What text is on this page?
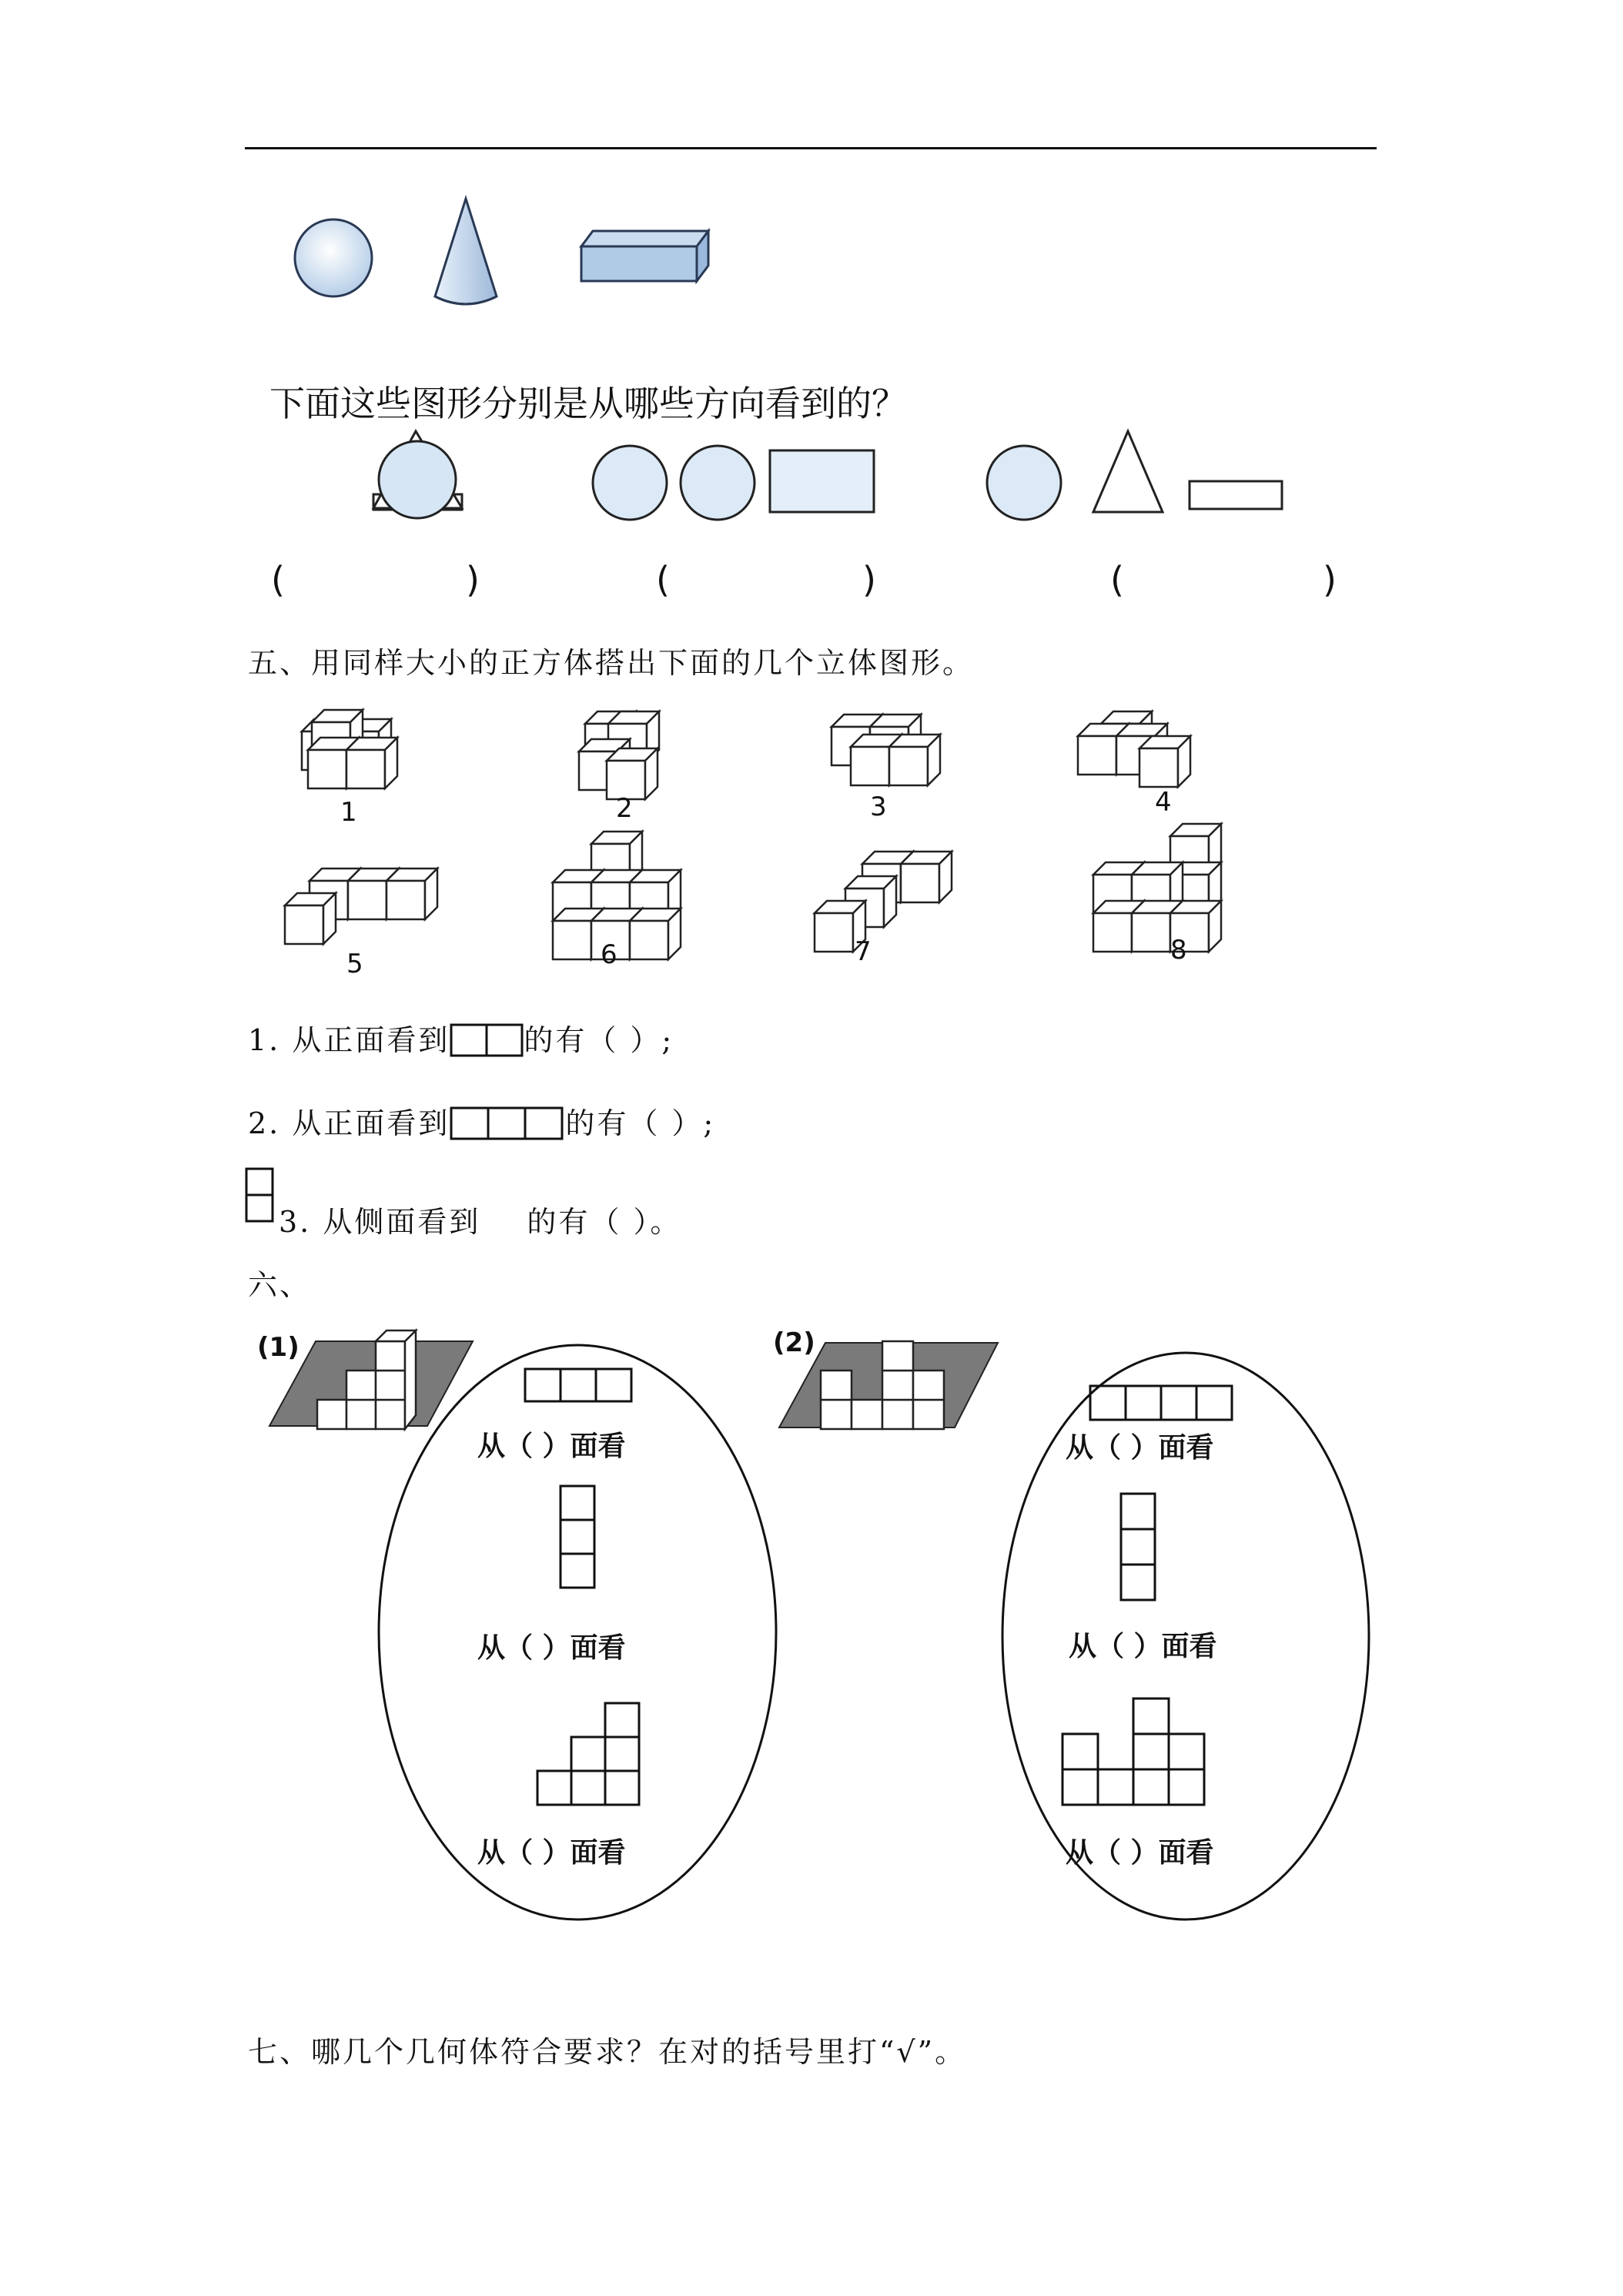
下面这些图形分别是从哪些方向看到的？
(	)	(	)	(	)
五、用同样大小的正方体搭出下面的几个立体图形。
1	2	3	4
5	6	7	8
1. 从正面看到	的有（ ）;
2. 从正面看到	的有（ ）;
3. 从侧面看到 的有（ ）。
六、
(1)	(2)
从（ ）面看
从（ ）面看
从（ ）面看
从（ ）面看
从（ ）面看
从（ ）面看
七、哪几个几何体符合要求？在对的括号里打“√”。
